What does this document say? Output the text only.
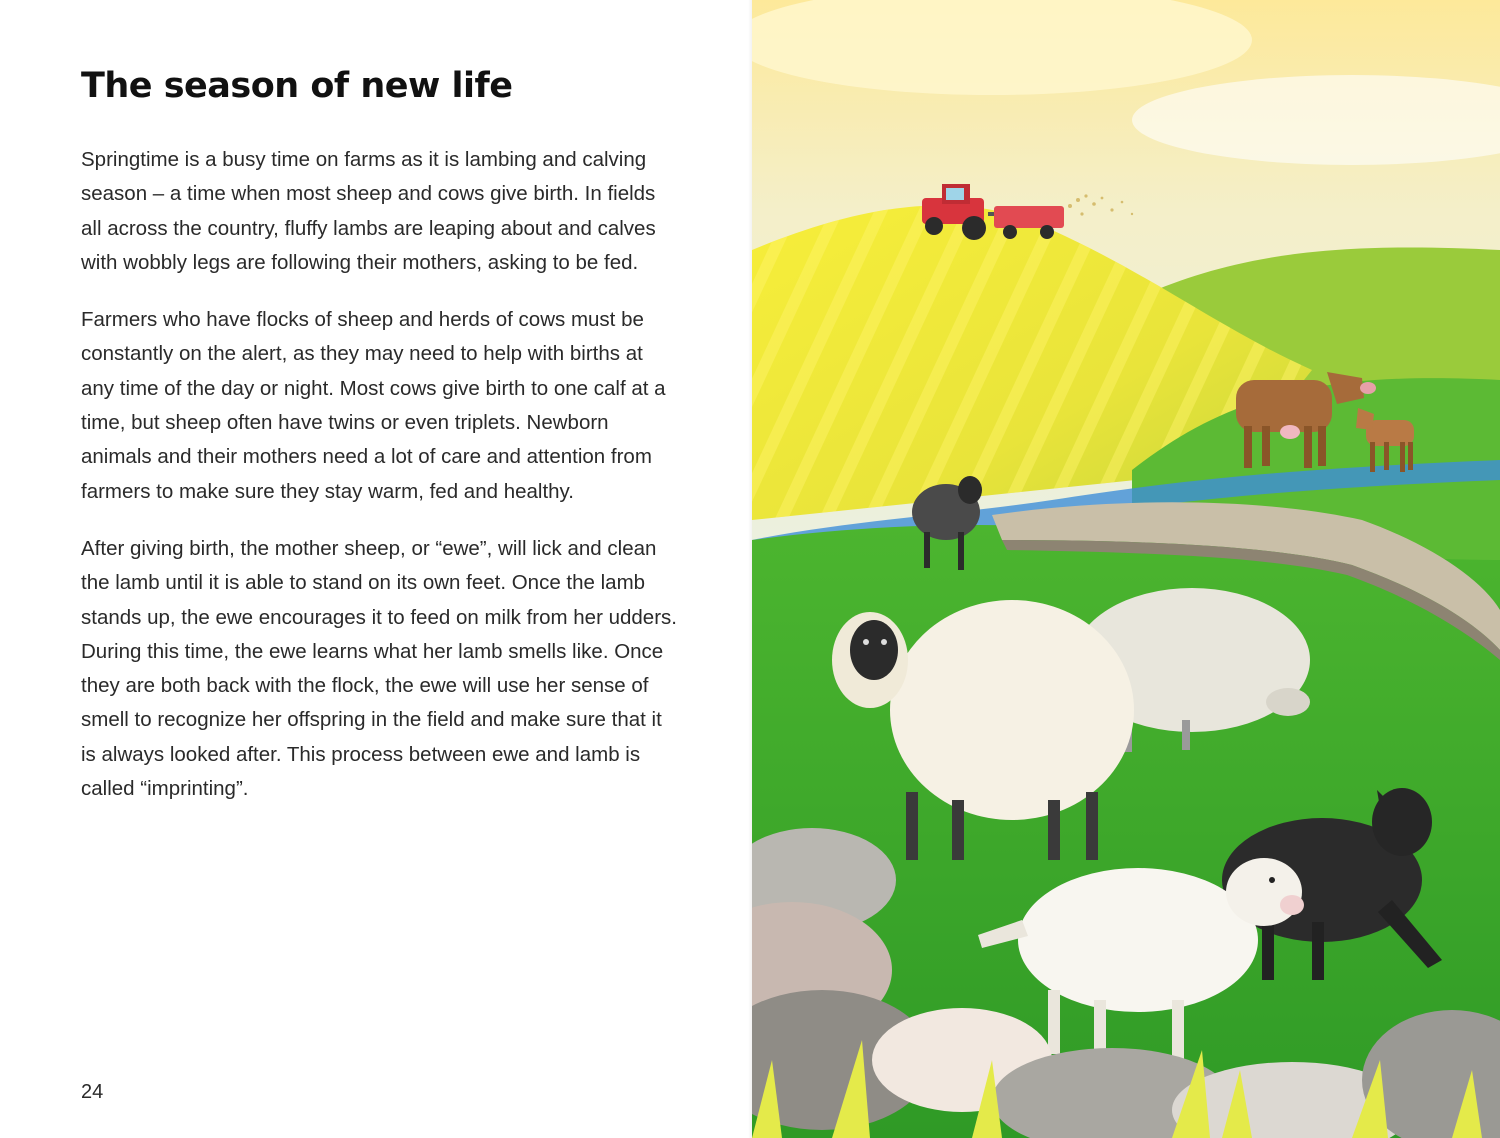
The season of new life

Springtime is a busy time on farms as it is lambing and calving season – a time when most sheep and cows give birth. In fields all across the country, fluffy lambs are leaping about and calves with wobbly legs are following their mothers, asking to be fed.

Farmers who have flocks of sheep and herds of cows must be constantly on the alert, as they may need to help with births at any time of the day or night. Most cows give birth to one calf at a time, but sheep often have twins or even triplets. Newborn animals and their mothers need a lot of care and attention from farmers to make sure they stay warm, fed and healthy.

After giving birth, the mother sheep, or “ewe”, will lick and clean the lamb until it is able to stand on its own feet. Once the lamb stands up, the ewe encourages it to feed on milk from her udders. During this time, the ewe learns what her lamb smells like. Once they are both back with the flock, the ewe will use her sense of smell to recognize her offspring in the field and make sure that it is always looked after. This process between ewe and lamb is called “imprinting”.

24
